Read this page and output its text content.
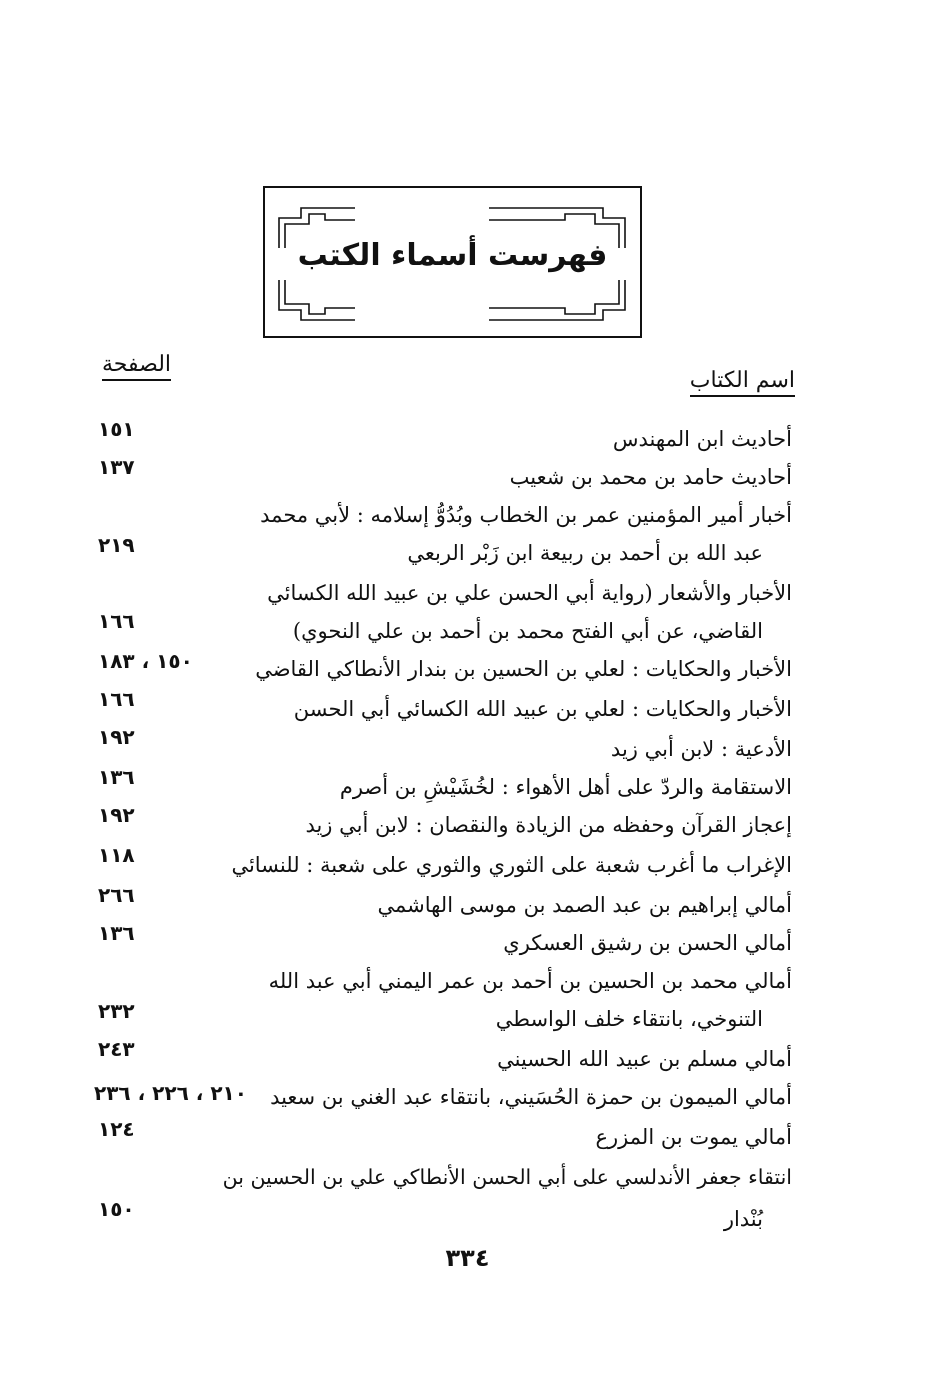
فهرست أسماء الكتب
اسم الكتاب
الصفحة
أحاديث ابن المهندس
١٥١
أحاديث حامد بن محمد بن شعيب
١٣٧
أخبار أمير المؤمنين عمر بن الخطاب وبُدُوُّ إسلامه : لأبي محمد
عبد الله بن أحمد بن ربيعة ابن زَبْر الربعي
٢١٩
الأخبار والأشعار (رواية أبي الحسن علي بن عبيد الله الكسائي
القاضي، عن أبي الفتح محمد بن أحمد بن علي النحوي)
١٦٦
الأخبار والحكايات : لعلي بن الحسين بن بندار الأنطاكي القاضي
١٥٠ ، ١٨٣
الأخبار والحكايات : لعلي بن عبيد الله الكسائي أبي الحسن
١٦٦
الأدعية : لابن أبي زيد
١٩٢
الاستقامة والردّ على أهل الأهواء : لخُشَيْشِ بن أصرم
١٣٦
إعجاز القرآن وحفظه من الزيادة والنقصان : لابن أبي زيد
١٩٢
الإغراب ما أغرب شعبة على الثوري والثوري على شعبة : للنسائي
١١٨
أمالي إبراهيم بن عبد الصمد بن موسى الهاشمي
٢٦٦
أمالي الحسن بن رشيق العسكري
١٣٦
أمالي محمد بن الحسين بن أحمد بن عمر اليمني أبي عبد الله
التنوخي، بانتقاء خلف الواسطي
٢٣٢
أمالي مسلم بن عبيد الله الحسيني
٢٤٣
أمالي الميمون بن حمزة الحُسَيني، بانتقاء عبد الغني بن سعيد
٢١٠ ، ٢٢٦ ، ٢٣٦
أمالي يموت بن المزرع
١٢٤
انتقاء جعفر الأندلسي على أبي الحسن الأنطاكي علي بن الحسين بن
بُنْدار
١٥٠
٣٣٤
